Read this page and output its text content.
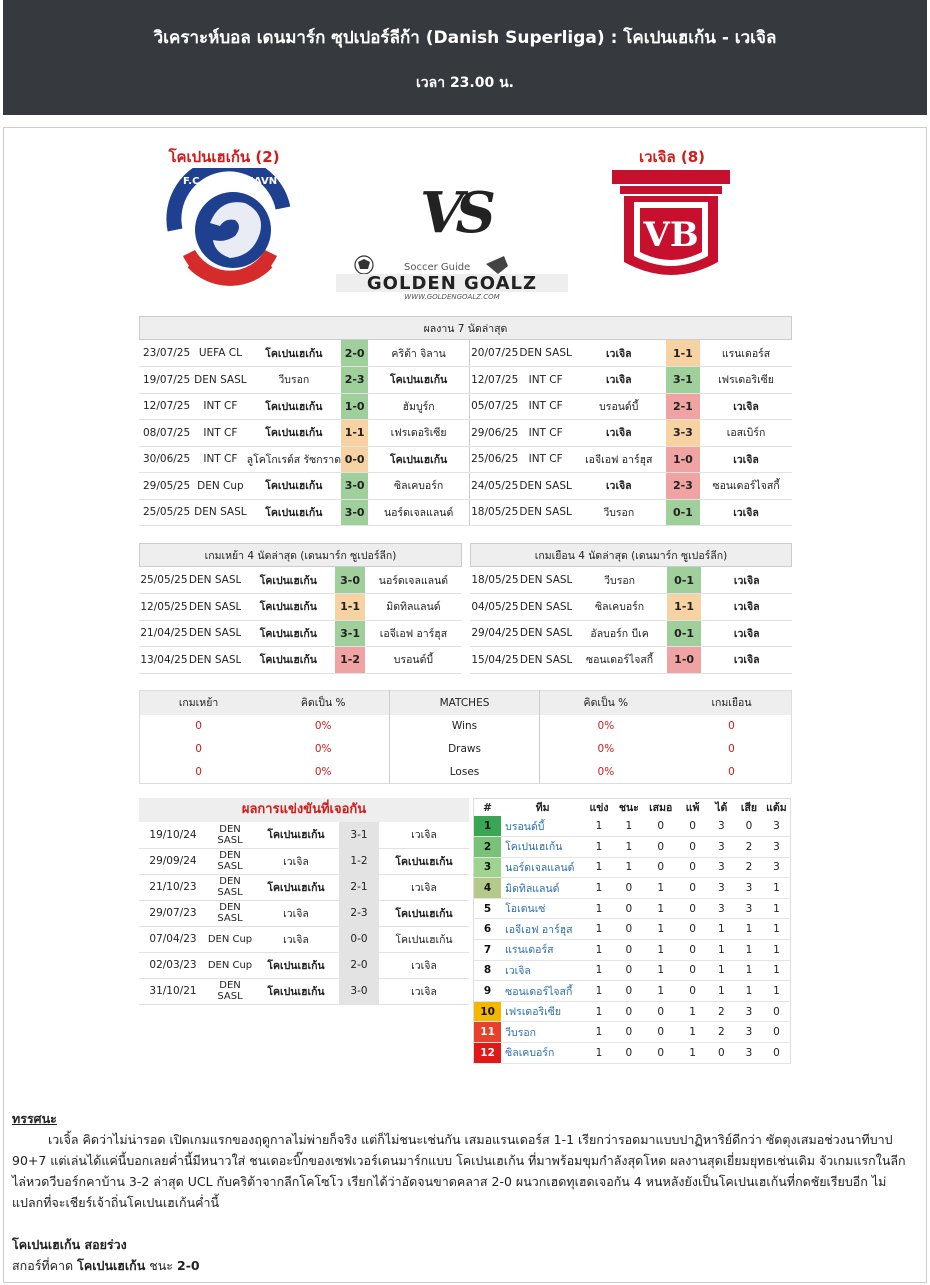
วิเคราะห์บอล เดนมาร์ก ซุปเปอร์ลีก้า (Danish Superliga) : โคเปนเฮเก้น - เวเจิล
เวลา 23.00 น.
โคเปนเฮเก้น (2)	เวเจิล (8)
F.C. KØBENHAVN
VB
VS
Soccer Guide
GOLDEN GOALZ
WWW.GOLDENGOALZ.COM
ผลงาน 7 นัดล่าสุด
23/07/25	UEFA CL	โคเปนเฮเก้น	2-0	คริต้า จิลาน
19/07/25	DEN SASL	วีบรอก	2-3	โคเปนเฮเก้น
12/07/25	INT CF	โคเปนเฮเก้น	1-0	ฮัมบูร์ก
08/07/25	INT CF	โคเปนเฮเก้น	1-1	เฟรเดอริเซีย
30/06/25	INT CF	ลูโคโกเรต์ส รัซกราด	0-0	โคเปนเฮเก้น
29/05/25	DEN Cup	โคเปนเฮเก้น	3-0	ซิลเคบอร์ก
25/05/25	DEN SASL	โคเปนเฮเก้น	3-0	นอร์ดเจลแลนด์
20/07/25	DEN SASL	เวเจิล	1-1	แรนเดอร์ส
12/07/25	INT CF	เวเจิล	3-1	เฟรเดอริเซีย
05/07/25	INT CF	บรอนด์บี้	2-1	เวเจิล
29/06/25	INT CF	เวเจิล	3-3	เอสเบิร์ก
25/06/25	INT CF	เอจีเอฟ อาร์ฮุส	1-0	เวเจิล
24/05/25	DEN SASL	เวเจิล	2-3	ซอนเดอร์ไจสกี้
18/05/25	DEN SASL	วีบรอก	0-1	เวเจิล
เกมเหย้า 4 นัดล่าสุด (เดนมาร์ก ซูเปอร์ลีก)	เกมเยือน 4 นัดล่าสุด (เดนมาร์ก ซูเปอร์ลีก)
25/05/25	DEN SASL	โคเปนเฮเก้น	3-0	นอร์ดเจลแลนด์
12/05/25	DEN SASL	โคเปนเฮเก้น	1-1	มิดทิลแลนด์
21/04/25	DEN SASL	โคเปนเฮเก้น	3-1	เอจีเอฟ อาร์ฮุส
13/04/25	DEN SASL	โคเปนเฮเก้น	1-2	บรอนด์บี้
18/05/25	DEN SASL	วีบรอก	0-1	เวเจิล
04/05/25	DEN SASL	ซิลเคบอร์ก	1-1	เวเจิล
29/04/25	DEN SASL	อัลบอร์ก บีเค	0-1	เวเจิล
15/04/25	DEN SASL	ซอนเดอร์ไจสกี้	1-0	เวเจิล
เกมเหย้า	คิดเป็น %	MATCHES	คิดเป็น %	เกมเยือน
0	0%	Wins	0%	0
0	0%	Draws	0%	0
0	0%	Loses	0%	0
ผลการแข่งขันที่เจอกัน
19/10/24	DEN SASL	โคเปนเฮเก้น	3-1	เวเจิล
29/09/24	DEN SASL	เวเจิล	1-2	โคเปนเฮเก้น
21/10/23	DEN SASL	โคเปนเฮเก้น	2-1	เวเจิล
29/07/23	DEN SASL	เวเจิล	2-3	โคเปนเฮเก้น
07/04/23	DEN Cup	เวเจิล	0-0	โคเปนเฮเก้น
02/03/23	DEN Cup	โคเปนเฮเก้น	2-0	เวเจิล
31/10/21	DEN SASL	โคเปนเฮเก้น	3-0	เวเจิล
#	ทีม	แข่ง	ชนะ	เสมอ	แพ้	ได้	เสีย	แต้ม
1	บรอนด์บี้	1	1	0	0	3	0	3
2	โคเปนเฮเก้น	1	1	0	0	3	2	3
3	นอร์ดเจลแลนด์	1	1	0	0	3	2	3
4	มิดทิลแลนด์	1	0	1	0	3	3	1
5	โอเดนเซ่	1	0	1	0	3	3	1
6	เอจีเอฟ อาร์ฮุส	1	0	1	0	1	1	1
7	แรนเดอร์ส	1	0	1	0	1	1	1
8	เวเจิล	1	0	1	0	1	1	1
9	ซอนเดอร์ไจสกี้	1	0	1	0	1	1	1
10	เฟรเดอริเซีย	1	0	0	1	2	3	0
11	วีบรอก	1	0	0	1	2	3	0
12	ซิลเคบอร์ก	1	0	0	1	0	3	0
ทรรศนะ
เวเจิ้ล คิดว่าไม่น่ารอด เปิดเกมแรกของฤดูกาลไม่พ่ายก็จริง แต่ก็ไม่ชนะเช่นกัน เสมอแรนเดอร์ส 1-1 เรียกว่ารอดมาแบบปาฏิหาริย์ดีกว่า ซัดตุงเสมอช่วงนาทีบาป 90+7 แต่เล่นได้แค่นี้บอกเลยค่ำนี้มีหนาวใส่ ชนเดอะบิ๊กของเซฟเวอร์เดนมาร์กแบบ โคเปนเฮเก้น ที่มาพร้อมขุมกำลังสุดโหด ผลงานสุดเยี่ยมยุทธเช่นเดิม จัวเกมแรกในลีกไล่หวดวีบอร์กคาบ้าน 3-2 ล่าสุด UCL กับคริต้าจากลีกโคโซโว เรียกได้ว่าอัดจนขาดคลาส 2-0 ผนวกเฮดทุเฮดเจอกัน 4 หนหลังยังเป็นโคเปนเฮเก้นที่กดชัยเรียบอีก ไม่แปลกที่จะเชียร์เจ้าถิ่นโคเปนเฮเก้นค่ำนี้
โคเปนเฮเก้น สอยร่วง
สกอร์ที่คาด โคเปนเฮเก้น ชนะ 2-0
